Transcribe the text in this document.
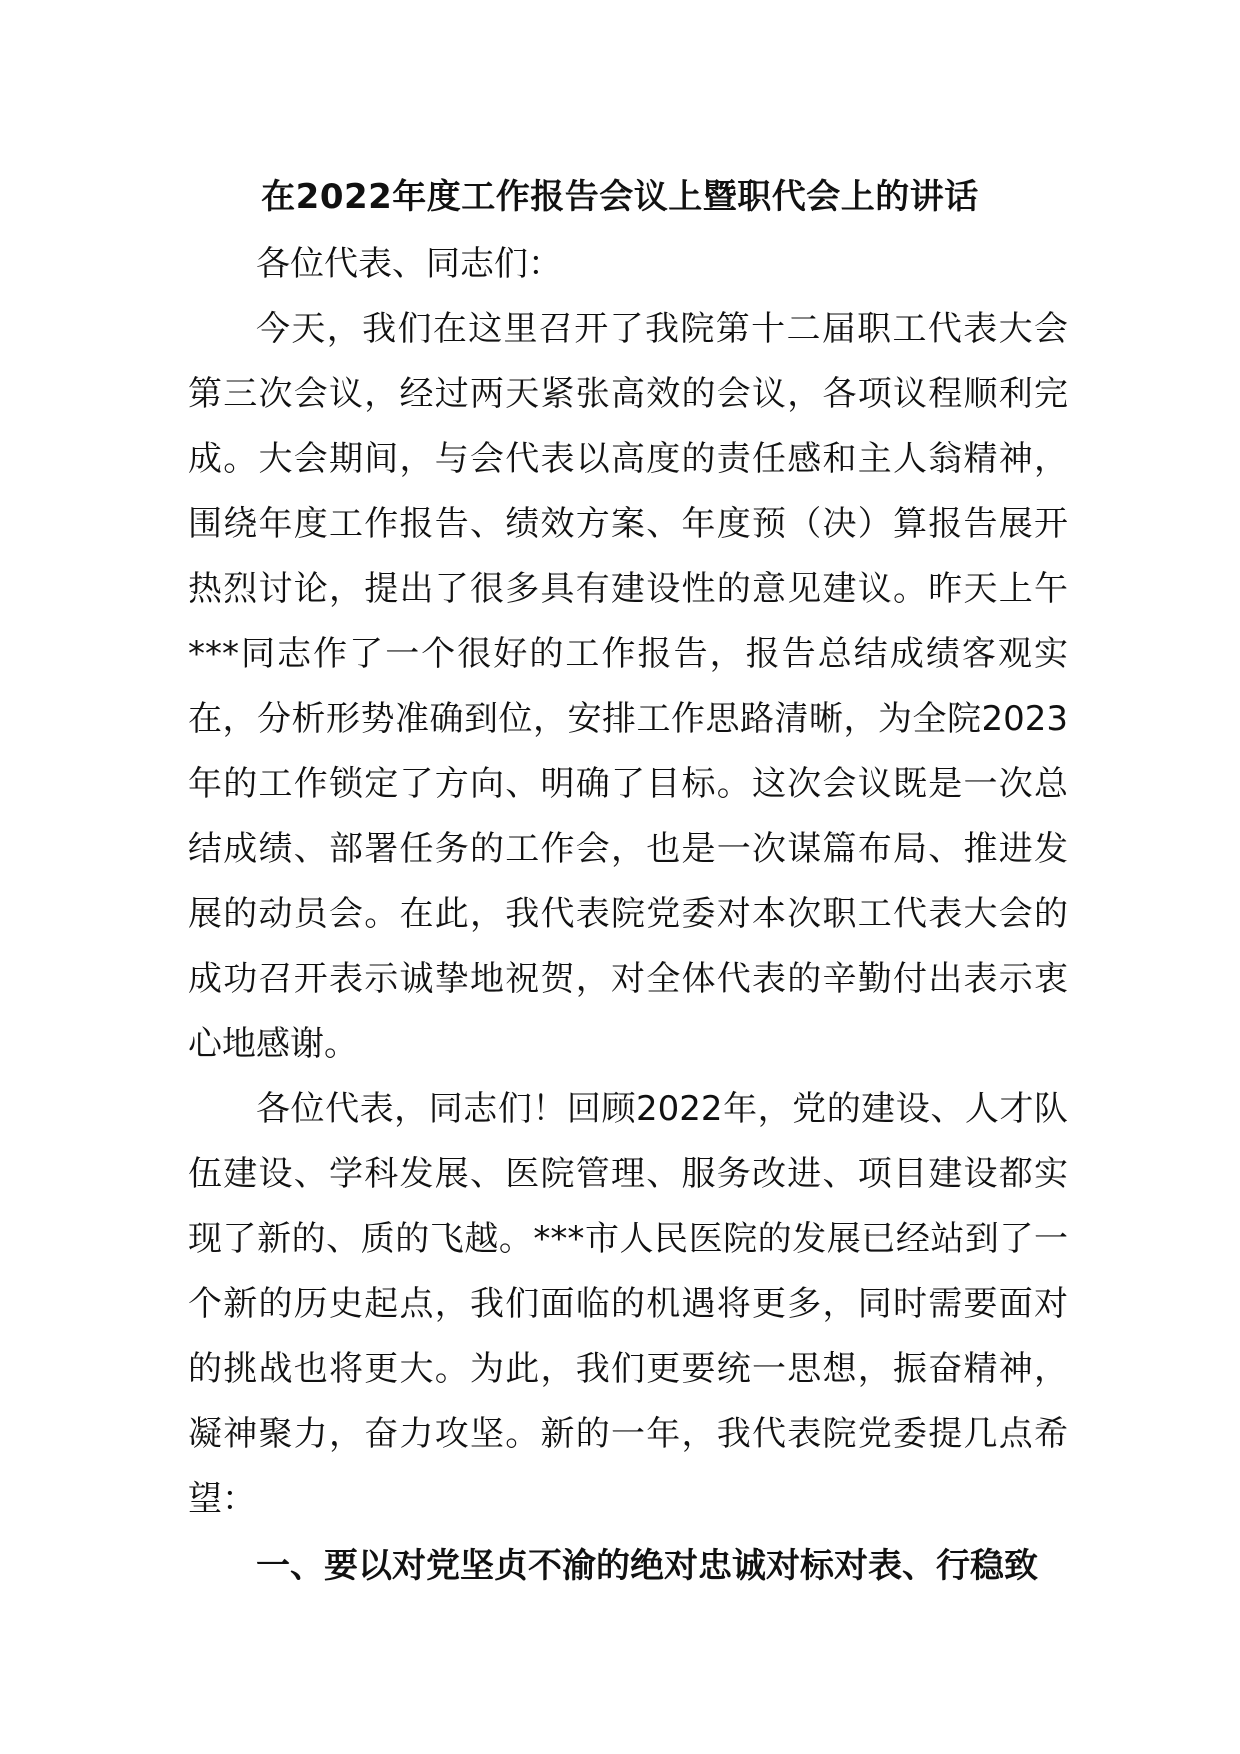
在2022年度工作报告会议上暨职代会上的讲话

各位代表、同志们：

今天，我们在这里召开了我院第十二届职工代表大会第三次会议，经过两天紧张高效的会议，各项议程顺利完成。大会期间，与会代表以高度的责任感和主人翁精神，围绕年度工作报告、绩效方案、年度预（决）算报告展开热烈讨论，提出了很多具有建设性的意见建议。昨天上午***同志作了一个很好的工作报告，报告总结成绩客观实在，分析形势准确到位，安排工作思路清晰，为全院2023年的工作锁定了方向、明确了目标。这次会议既是一次总结成绩、部署任务的工作会，也是一次谋篇布局、推进发展的动员会。在此，我代表院党委对本次职工代表大会的成功召开表示诚挚地祝贺，对全体代表的辛勤付出表示衷心地感谢。

各位代表，同志们！回顾2022年，党的建设、人才队伍建设、学科发展、医院管理、服务改进、项目建设都实现了新的、质的飞越。***市人民医院的发展已经站到了一个新的历史起点，我们面临的机遇将更多，同时需要面对的挑战也将更大。为此，我们更要统一思想，振奋精神，凝神聚力，奋力攻坚。新的一年，我代表院党委提几点希望：

一、要以对党坚贞不渝的绝对忠诚对标对表、行稳致
